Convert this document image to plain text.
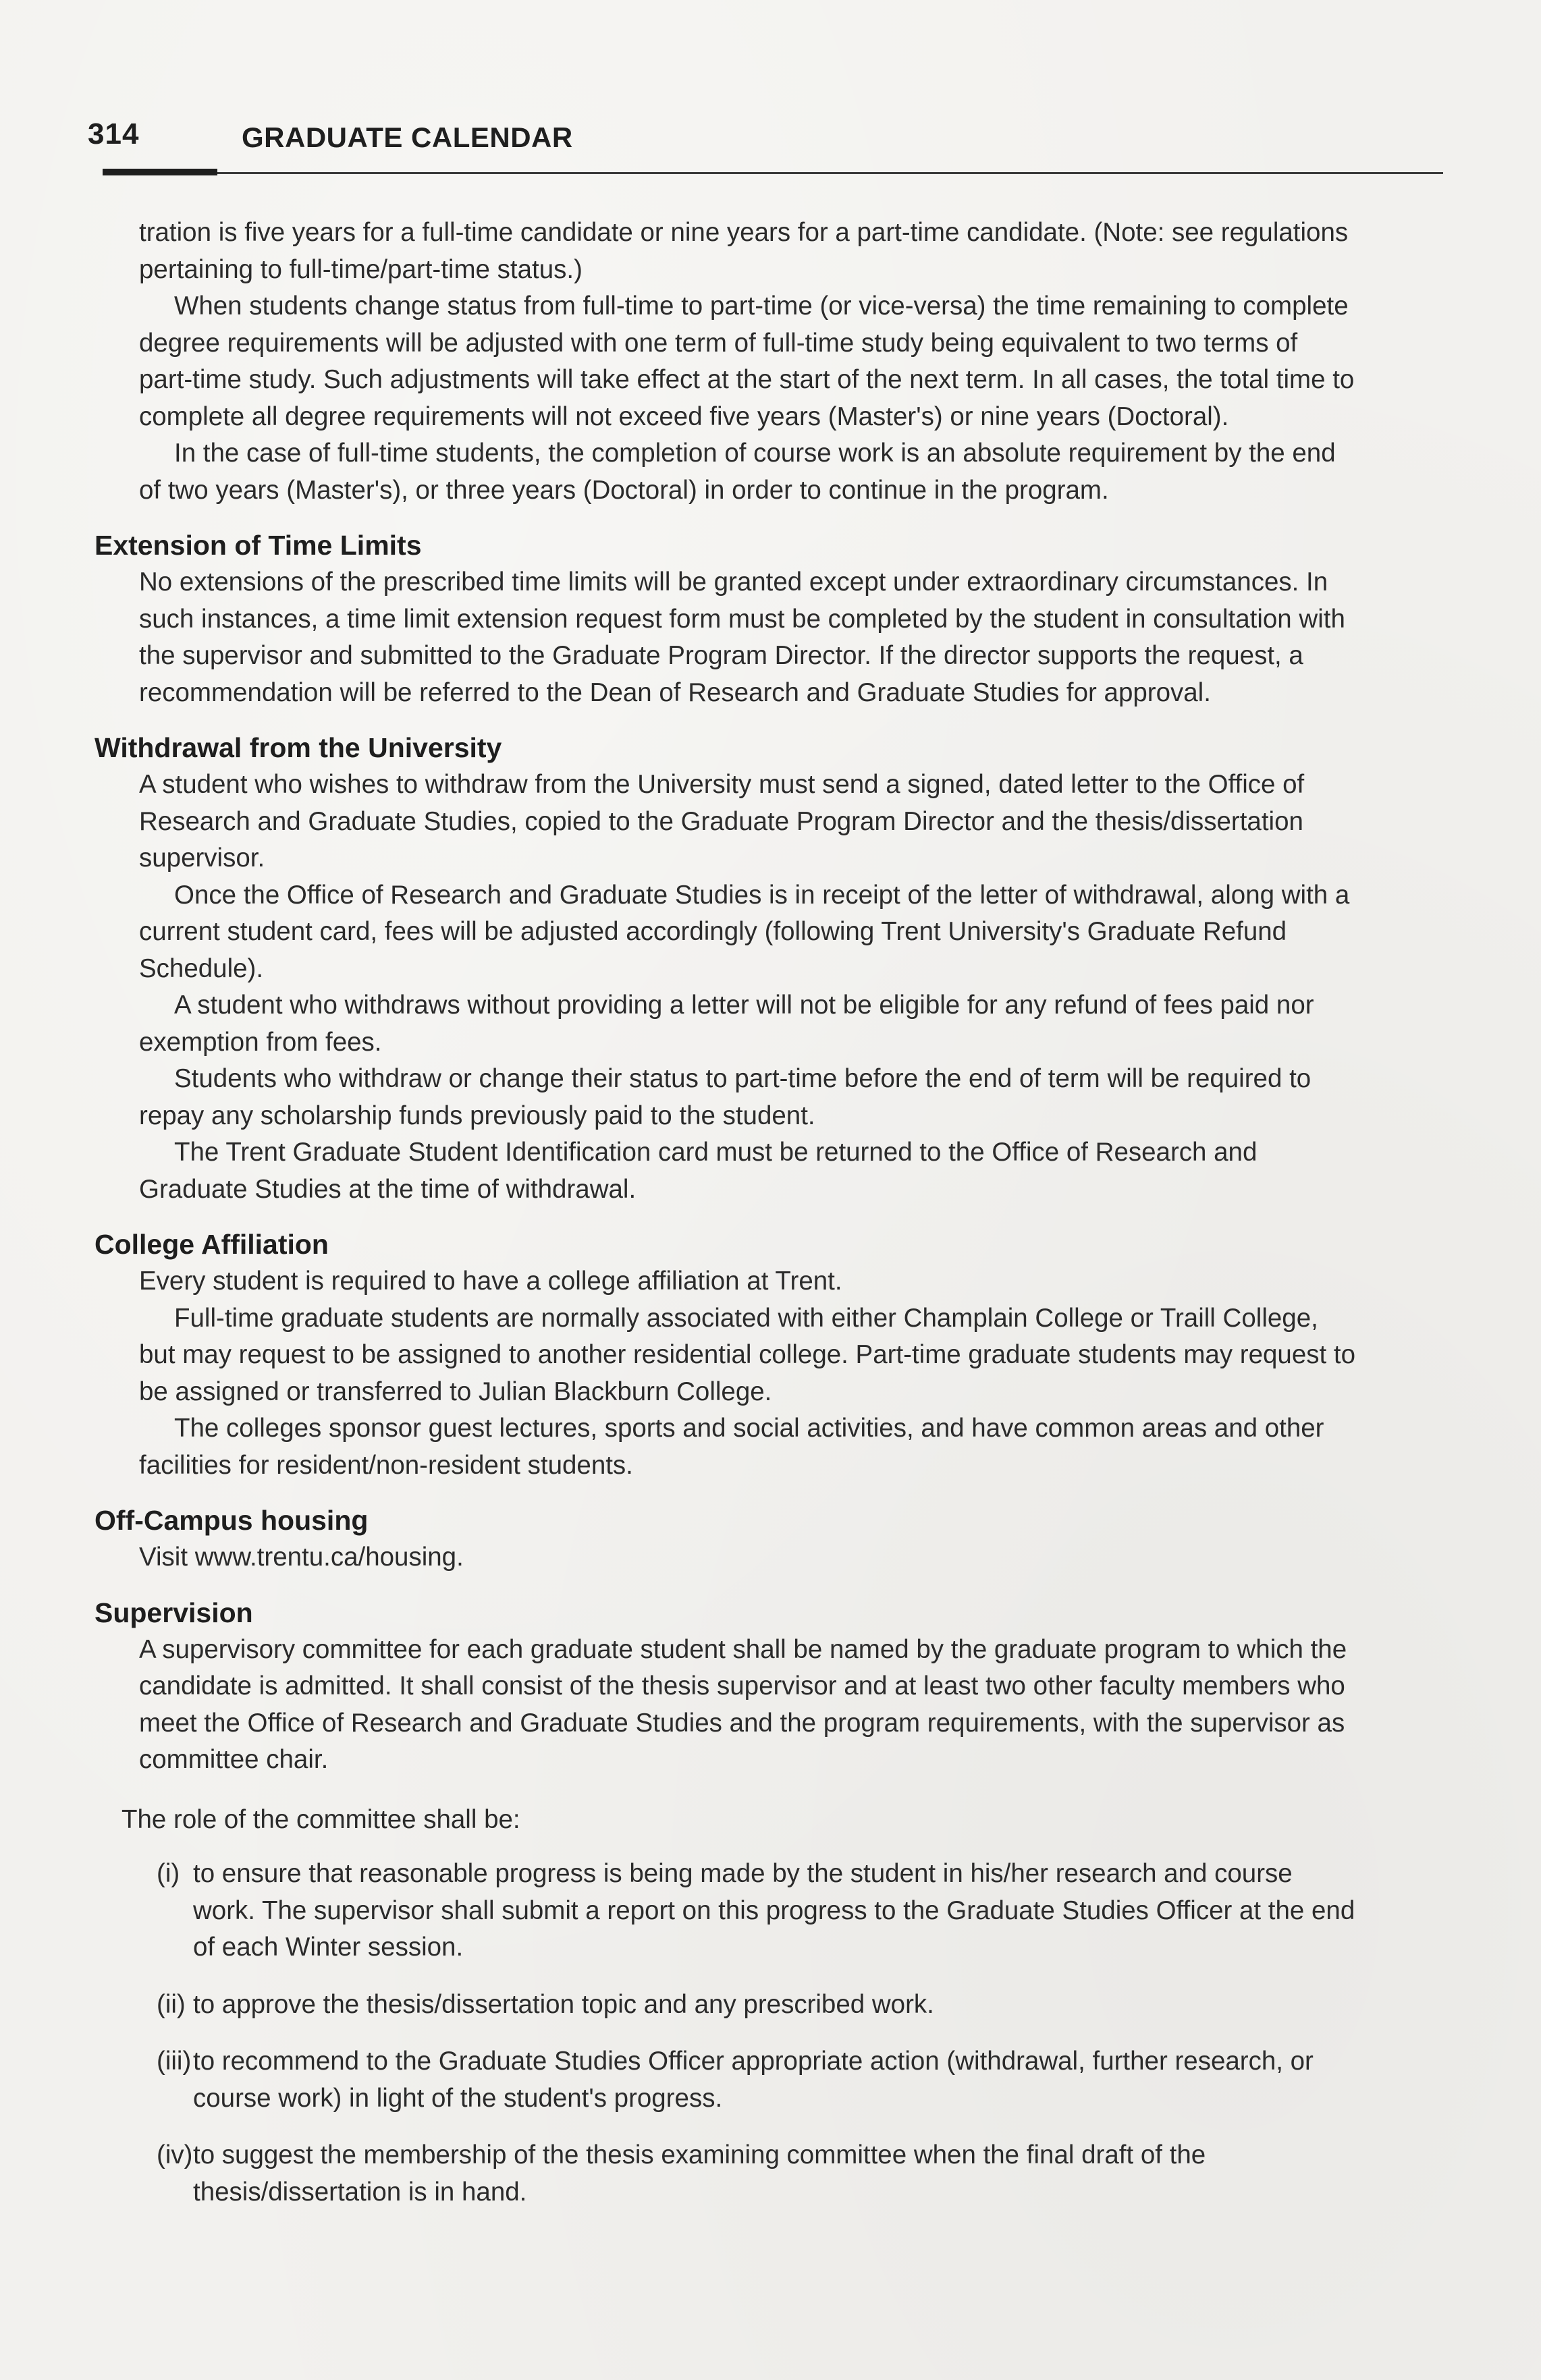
314	GRADUATE CALENDAR

tration is five years for a full-time candidate or nine years for a part-time candidate. (Note: see regulations pertaining to full-time/part-time status.)

When students change status from full-time to part-time (or vice-versa) the time remaining to complete degree requirements will be adjusted with one term of full-time study being equivalent to two terms of part-time study. Such adjustments will take effect at the start of the next term. In all cases, the total time to complete all degree requirements will not exceed five years (Master's) or nine years (Doctoral).

In the case of full-time students, the completion of course work is an absolute requirement by the end of two years (Master's), or three years (Doctoral) in order to continue in the program.

Extension of Time Limits

No extensions of the prescribed time limits will be granted except under extraordinary circumstances. In such instances, a time limit extension request form must be completed by the student in consultation with the supervisor and submitted to the Graduate Program Director. If the director supports the request, a recommendation will be referred to the Dean of Research and Graduate Studies for approval.

Withdrawal from the University

A student who wishes to withdraw from the University must send a signed, dated letter to the Office of Research and Graduate Studies, copied to the Graduate Program Director and the thesis/dissertation supervisor.

Once the Office of Research and Graduate Studies is in receipt of the letter of withdrawal, along with a current student card, fees will be adjusted accordingly (following Trent University's Graduate Refund Schedule).

A student who withdraws without providing a letter will not be eligible for any refund of fees paid nor exemption from fees.

Students who withdraw or change their status to part-time before the end of term will be required to repay any scholarship funds previously paid to the student.

The Trent Graduate Student Identification card must be returned to the Office of Research and Graduate Studies at the time of withdrawal.

College Affiliation

Every student is required to have a college affiliation at Trent.

Full-time graduate students are normally associated with either Champlain College or Traill College, but may request to be assigned to another residential college. Part-time graduate students may request to be assigned or transferred to Julian Blackburn College.

The colleges sponsor guest lectures, sports and social activities, and have common areas and other facilities for resident/non-resident students.

Off-Campus housing

Visit www.trentu.ca/housing.

Supervision

A supervisory committee for each graduate student shall be named by the graduate program to which the candidate is admitted. It shall consist of the thesis supervisor and at least two other faculty members who meet the Office of Research and Graduate Studies and the program requirements, with the supervisor as committee chair.

The role of the committee shall be:

(i) to ensure that reasonable progress is being made by the student in his/her research and course work. The supervisor shall submit a report on this progress to the Graduate Studies Officer at the end of each Winter session.
(ii) to approve the thesis/dissertation topic and any prescribed work.
(iii) to recommend to the Graduate Studies Officer appropriate action (withdrawal, further research, or course work) in light of the student's progress.
(iv) to suggest the membership of the thesis examining committee when the final draft of the thesis/dissertation is in hand.
